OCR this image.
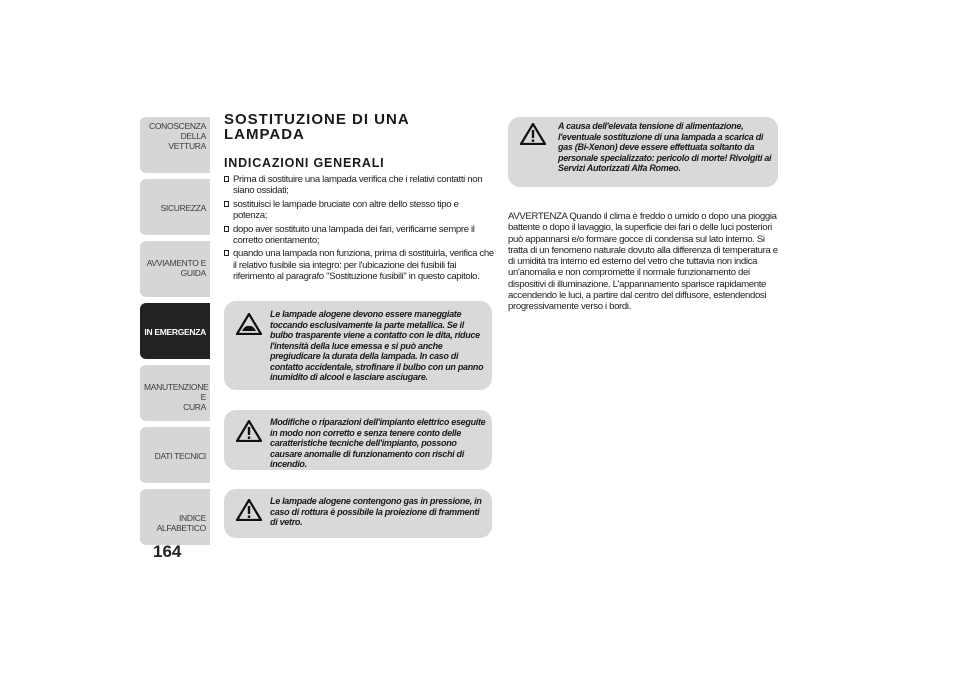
CONOSCENZA
DELLA VETTURA
SICUREZZA
AVVIAMENTO E
GUIDA
IN EMERGENZA
MANUTENZIONE E
CURA
DATI TECNICI
INDICE ALFABETICO
164
SOSTITUZIONE DI UNA LAMPADA
INDICAZIONI GENERALI
Prima di sostituire una lampada verifica che i relativi contatti non siano ossidati;
sostituisci le lampade bruciate con altre dello stesso tipo e potenza;
dopo aver sostituito una lampada dei fari, verificarne sempre il corretto orientamento;
quando una lampada non funziona, prima di sostituirla, verifica che il relativo fusibile sia integro: per l'ubicazione dei fusibili fai riferimento al paragrafo "Sostituzione fusibili" in questo capitolo.
Le lampade alogene devono essere maneggiate toccando esclusivamente la parte metallica. Se il bulbo trasparente viene a contatto con le dita, riduce l'intensità della luce emessa e si può anche pregiudicare la durata della lampada. In caso di contatto accidentale, strofinare il bulbo con un panno inumidito di alcool e lasciare asciugare.
Modifiche o riparazioni dell'impianto elettrico eseguite in modo non corretto e senza tenere conto delle caratteristiche tecniche dell'impianto, possono causare anomalie di funzionamento con rischi di incendio.
Le lampade alogene contengono gas in pressione, in caso di rottura è possibile la proiezione di frammenti di vetro.
A causa dell'elevata tensione di alimentazione, l'eventuale sostituzione di una lampada a scarica di gas (Bi-Xenon) deve essere effettuata soltanto da personale specializzato: pericolo di morte! Rivolgiti ai Servizi Autorizzati Alfa Romeo.
AVVERTENZA Quando il clima è freddo o umido o dopo una pioggia battente o dopo il lavaggio, la superficie dei fari o delle luci posteriori può appannarsi e/o formare gocce di condensa sul lato interno. Si tratta di un fenomeno naturale dovuto alla differenza di temperatura e di umidità tra interno ed esterno del vetro che tuttavia non indica un'anomalia e non compromette il normale funzionamento dei dispositivi di illuminazione. L'appannamento sparisce rapidamente accendendo le luci, a partire dal centro del diffusore, estendendosi progressivamente verso i bordi.
